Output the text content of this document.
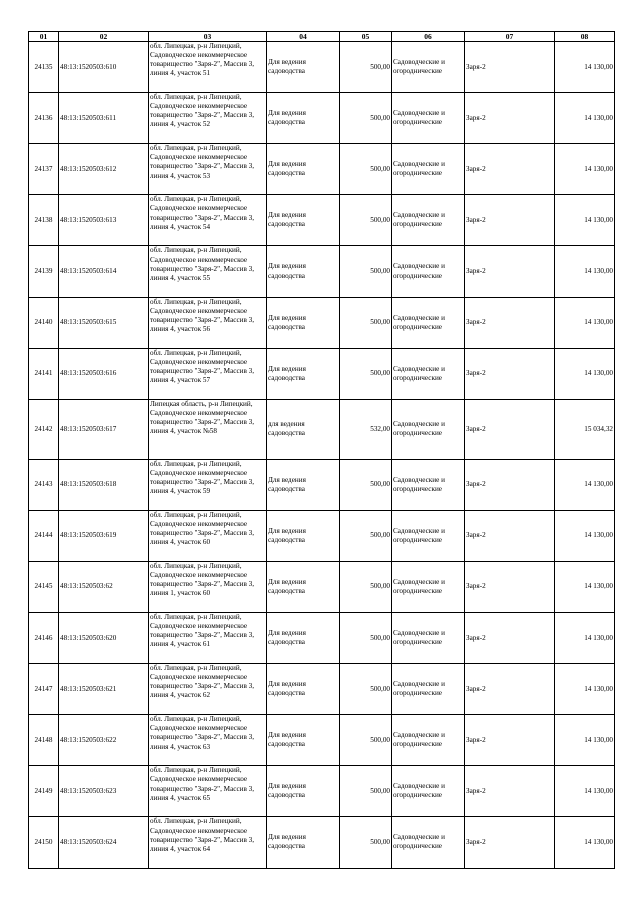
01	02	03	04	05	06	07	08
24135	48:13:1520503:610	обл. Липецкая, р-н Липецкий, Садоводческое некоммерческое товарищество "Заря-2", Массив 3, линия 4, участок 51	Для ведения садоводства	500,00	Садоводческие и огороднические	Заря-2	14 130,00
24136	48:13:1520503:611	обл. Липецкая, р-н Липецкий, Садоводческое некоммерческое товарищество "Заря-2", Массив 3, линия 4, участок 52	Для ведения садоводства	500,00	Садоводческие и огороднические	Заря-2	14 130,00
24137	48:13:1520503:612	обл. Липецкая, р-н Липецкий, Садоводческое некоммерческое товарищество "Заря-2", Массив 3, линия 4, участок 53	Для ведения садоводства	500,00	Садоводческие и огороднические	Заря-2	14 130,00
24138	48:13:1520503:613	обл. Липецкая, р-н Липецкий, Садоводческое некоммерческое товарищество "Заря-2", Массив 3, линия 4, участок 54	Для ведения садоводства	500,00	Садоводческие и огороднические	Заря-2	14 130,00
24139	48:13:1520503:614	обл. Липецкая, р-н Липецкий, Садоводческое некоммерческое товарищество "Заря-2", Массив 3, линия 4, участок 55	Для ведения садоводства	500,00	Садоводческие и огороднические	Заря-2	14 130,00
24140	48:13:1520503:615	обл. Липецкая, р-н Липецкий, Садоводческое некоммерческое товарищество "Заря-2", Массив 3, линия 4, участок 56	Для ведения садоводства	500,00	Садоводческие и огороднические	Заря-2	14 130,00
24141	48:13:1520503:616	обл. Липецкая, р-н Липецкий, Садоводческое некоммерческое товарищество "Заря-2", Массив 3, линия 4, участок 57	Для ведения садоводства	500,00	Садоводческие и огороднические	Заря-2	14 130,00
24142	48:13:1520503:617	Липецкая область, р-н Липецкий, Садоводческое некоммерческое товарищество "Заря-2", Массив 3, линия 4, участок №58	для ведения садоводства	532,00	Садоводческие и огороднические	Заря-2	15 034,32
24143	48:13:1520503:618	обл. Липецкая, р-н Липецкий, Садоводческое некоммерческое товарищество "Заря-2", Массив 3, линия 4, участок 59	Для ведения садоводства	500,00	Садоводческие и огороднические	Заря-2	14 130,00
24144	48:13:1520503:619	обл. Липецкая, р-н Липецкий, Садоводческое некоммерческое товарищество "Заря-2", Массив 3, линия 4, участок 60	Для ведения садоводства	500,00	Садоводческие и огороднические	Заря-2	14 130,00
24145	48:13:1520503:62	обл. Липецкая, р-н Липецкий, Садоводческое некоммерческое товарищество "Заря-2", Массив 3, линия 1, участок 60	Для ведения садоводства	500,00	Садоводческие и огороднические	Заря-2	14 130,00
24146	48:13:1520503:620	обл. Липецкая, р-н Липецкий, Садоводческое некоммерческое товарищество "Заря-2", Массив 3, линия 4, участок 61	Для ведения садоводства	500,00	Садоводческие и огороднические	Заря-2	14 130,00
24147	48:13:1520503:621	обл. Липецкая, р-н Липецкий, Садоводческое некоммерческое товарищество "Заря-2", Массив 3, линия 4, участок 62	Для ведения садоводства	500,00	Садоводческие и огороднические	Заря-2	14 130,00
24148	48:13:1520503:622	обл. Липецкая, р-н Липецкий, Садоводческое некоммерческое товарищество "Заря-2", Массив 3, линия 4, участок 63	Для ведения садоводства	500,00	Садоводческие и огороднические	Заря-2	14 130,00
24149	48:13:1520503:623	обл. Липецкая, р-н Липецкий, Садоводческое некоммерческое товарищество "Заря-2", Массив 3, линия 4, участок 65	Для ведения садоводства	500,00	Садоводческие и огороднические	Заря-2	14 130,00
24150	48:13:1520503:624	обл. Липецкая, р-н Липецкий, Садоводческое некоммерческое товарищество "Заря-2", Массив 3, линия 4, участок 64	Для ведения садоводства	500,00	Садоводческие и огороднические	Заря-2	14 130,00
